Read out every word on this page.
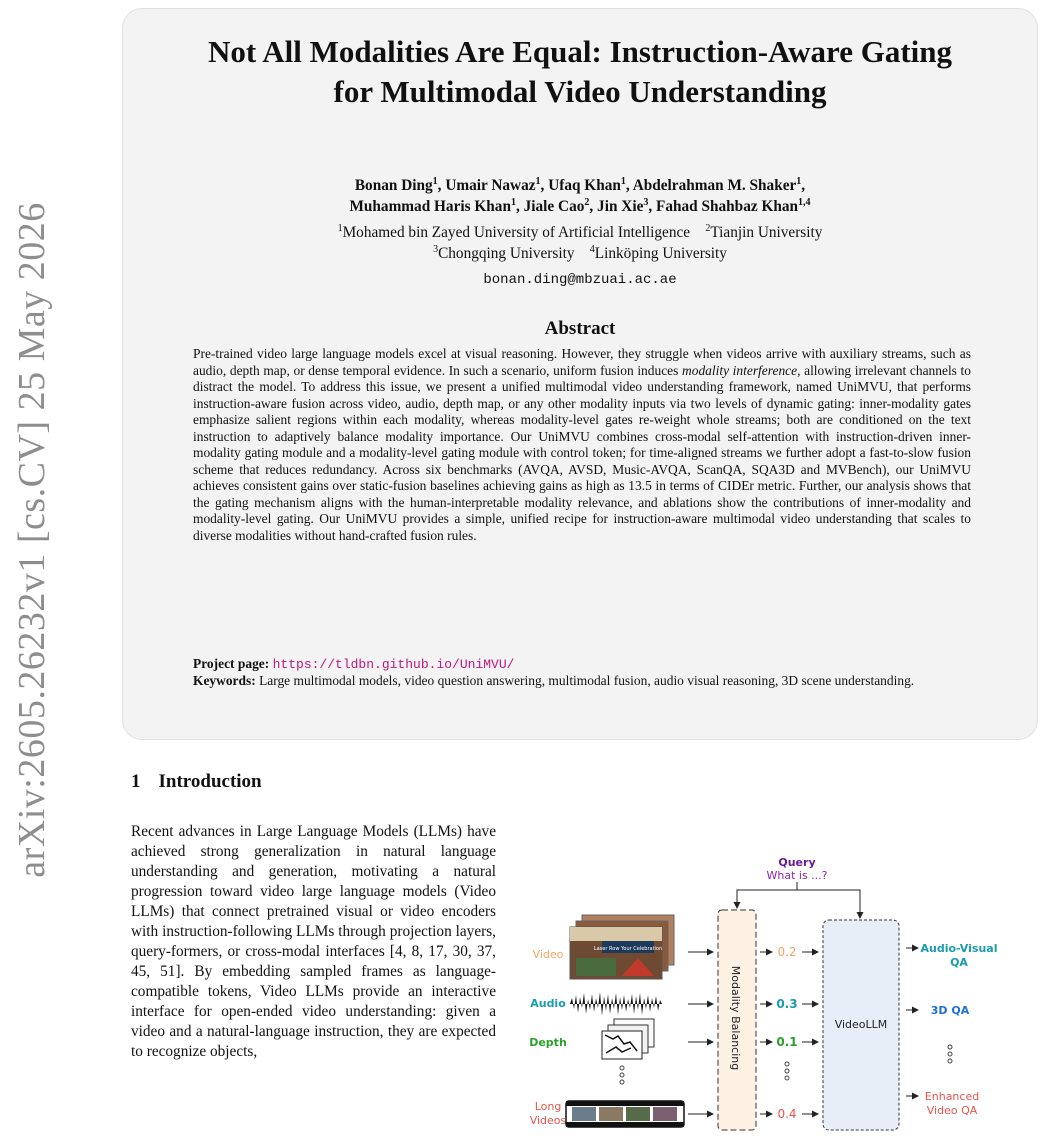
arXiv:2605.26232v1 [cs.CV] 25 May 2026
Not All Modalities Are Equal: Instruction-Aware Gating
for Multimodal Video Understanding
Bonan Ding$^1$, Umair Nawaz$^1$, Ufaq Khan$^1$, Abdelrahman M. Shaker$^1$,
Muhammad Haris Khan$^1$, Jiale Cao$^2$, Jin Xie$^3$, Fahad Shahbaz Khan$^{1,4}$
$^1$Mohamed bin Zayed University of Artificial Intelligence $^2$Tianjin University
$^3$Chongqing University $^4$Linköping University
bonan.ding@mbzuai.ac.ae
Abstract
Pre-trained video large language models excel at visual reasoning. However, they struggle when videos arrive with auxiliary streams, such as audio, depth map, or dense temporal evidence. In such a scenario, uniform fusion induces modality interference, allowing irrelevant channels to distract the model. To address this issue, we present a unified multimodal video understanding framework, named UniMVU, that performs instruction-aware fusion across video, audio, depth map, or any other modality inputs via two levels of dynamic gating: inner-modality gates emphasize salient regions within each modality, whereas modality-level gates re-weight whole streams; both are conditioned on the text instruction to adaptively balance modality importance. Our UniMVU combines cross-modal self-attention with instruction-driven inner-modality gating module and a modality-level gating module with control token; for time-aligned streams we further adopt a fast-to-slow fusion scheme that reduces redundancy. Across six benchmarks (AVQA, AVSD, Music-AVQA, ScanQA, SQA3D and MVBench), our UniMVU achieves consistent gains over static-fusion baselines achieving gains as high as 13.5 in terms of CIDEr metric. Further, our analysis shows that the gating mechanism aligns with the human-interpretable modality relevance, and ablations show the contributions of inner-modality and modality-level gating. Our UniMVU provides a simple, unified recipe for instruction-aware multimodal video understanding that scales to diverse modalities without hand-crafted fusion rules.
Project page: https://tldbn.github.io/UniMVU/
Keywords: Large multimodal models, video question answering, multimodal fusion, audio visual reasoning, 3D scene understanding.
1 Introduction
Recent advances in Large Language Models (LLMs) have achieved strong generalization in natural language understanding and generation, motivating a natural progression toward video large language models (Video LLMs) that connect pretrained visual or video encoders with instruction-following LLMs through projection layers, query-formers, or cross-modal interfaces [4, 8, 17, 30, 37, 45, 51]. By embedding sampled frames as language-compatible tokens, Video LLMs provide an interactive interface for open-ended video understanding: given a video and a natural-language instruction, they are expected to recognize objects,
Query
What is ...?
Modality Balancing	VideoLLM
Video
Audio
Depth
Long
Videos
Laser Row Your Celebration	0.2
0.3
0.1
0.4
Audio-Visual
QA
3D QA
Enhanced
Video QA
